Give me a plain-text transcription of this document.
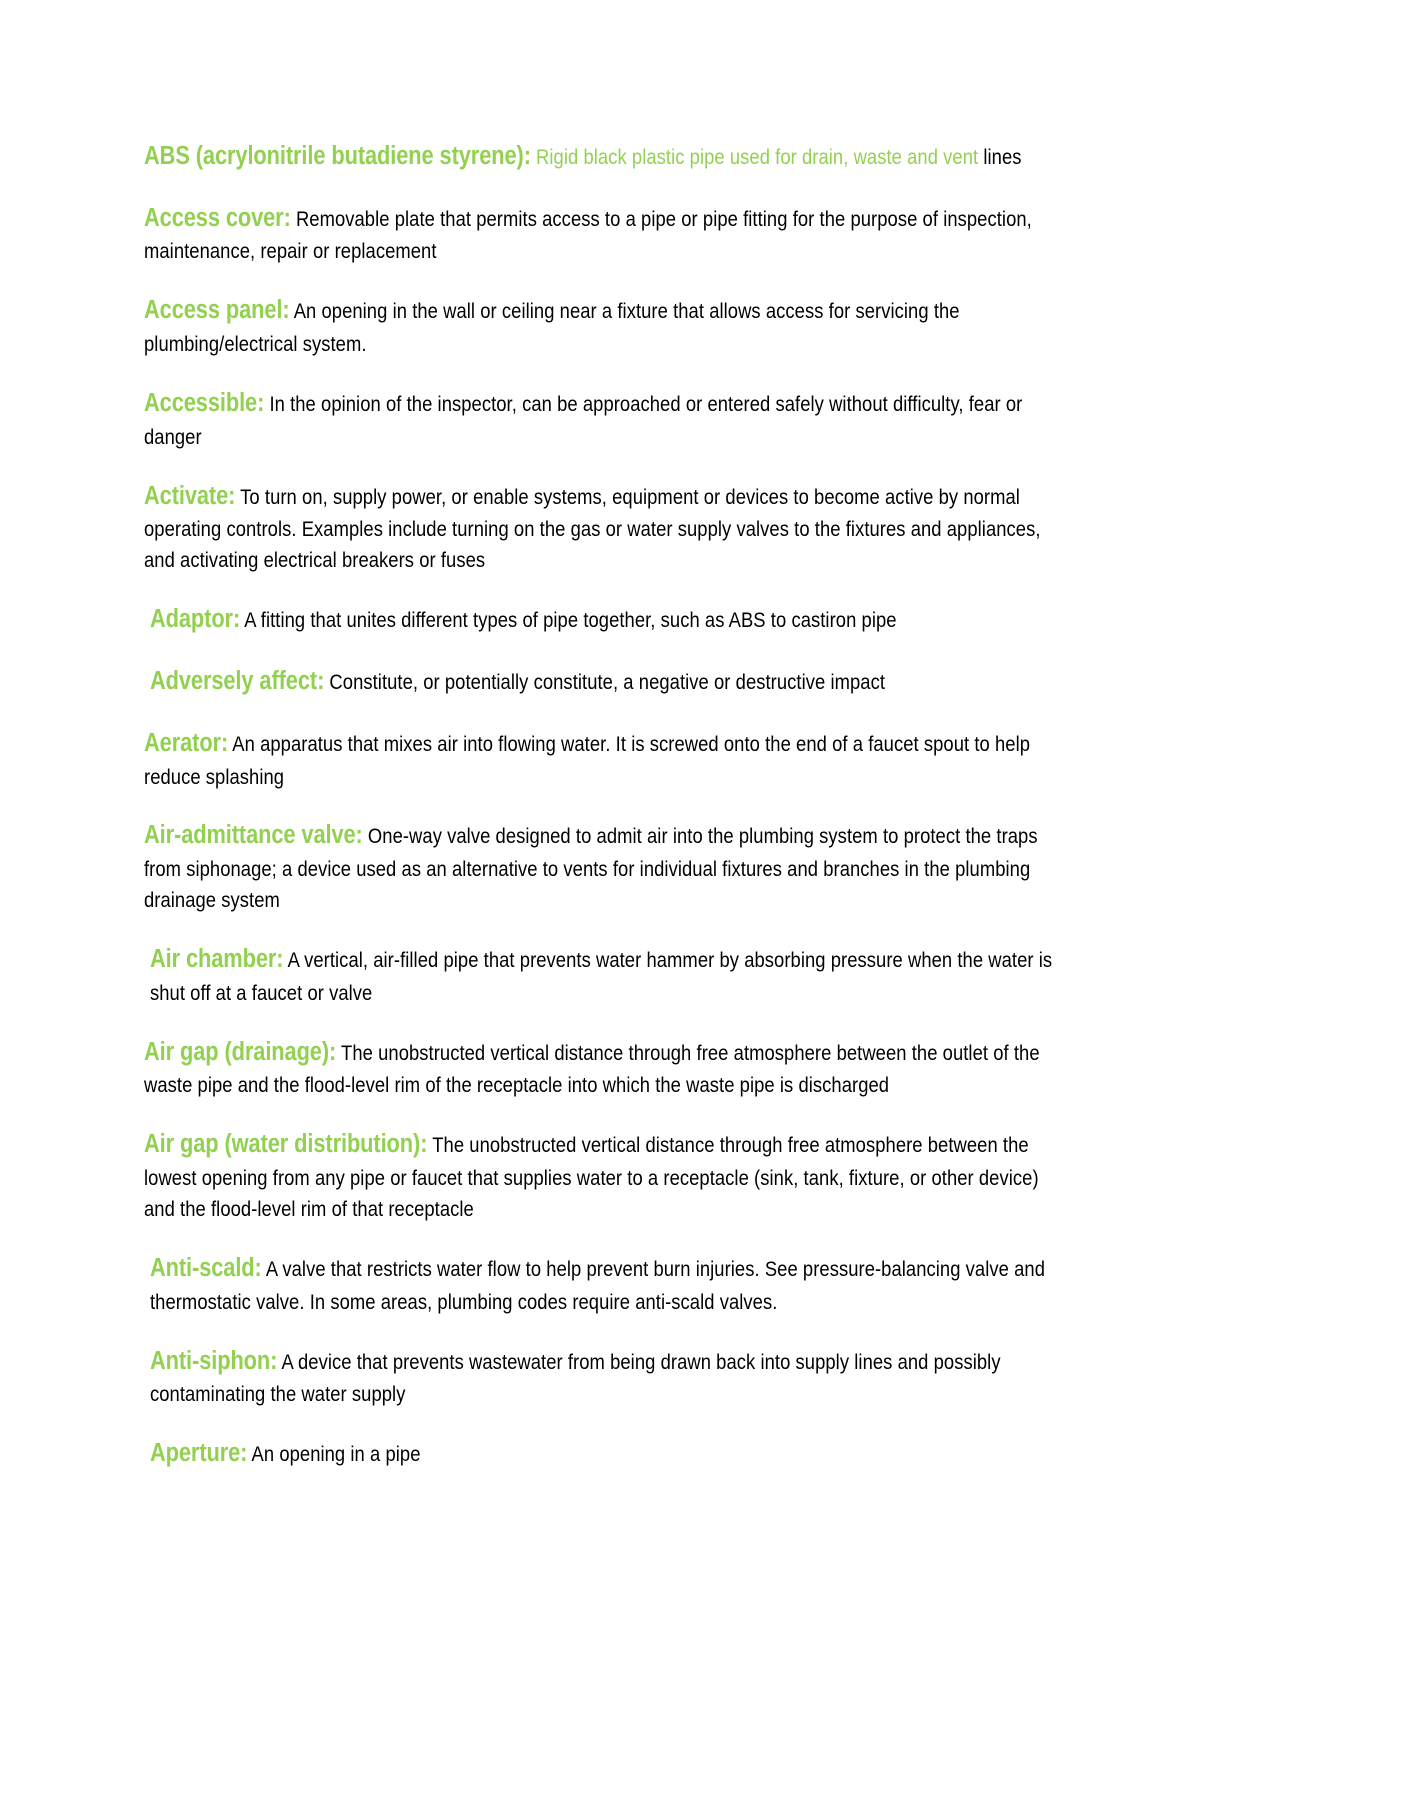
ABS (acrylonitrile butadiene styrene): Rigid black plastic pipe used for drain, waste and vent lines

Access cover: Removable plate that permits access to a pipe or pipe fitting for the purpose of inspection, maintenance, repair or replacement

Access panel: An opening in the wall or ceiling near a fixture that allows access for servicing the plumbing/electrical system.

Accessible: In the opinion of the inspector, can be approached or entered safely without difficulty, fear or danger

Activate: To turn on, supply power, or enable systems, equipment or devices to become active by normal operating controls. Examples include turning on the gas or water supply valves to the fixtures and appliances, and activating electrical breakers or fuses

Adaptor: A fitting that unites different types of pipe together, such as ABS to castiron pipe

Adversely affect: Constitute, or potentially constitute, a negative or destructive impact

Aerator: An apparatus that mixes air into flowing water. It is screwed onto the end of a faucet spout to help reduce splashing

Air-admittance valve: One-way valve designed to admit air into the plumbing system to protect the traps from siphonage; a device used as an alternative to vents for individual fixtures and branches in the plumbing drainage system

Air chamber: A vertical, air-filled pipe that prevents water hammer by absorbing pressure when the water is shut off at a faucet or valve

Air gap (drainage): The unobstructed vertical distance through free atmosphere between the outlet of the waste pipe and the flood-level rim of the receptacle into which the waste pipe is discharged

Air gap (water distribution): The unobstructed vertical distance through free atmosphere between the lowest opening from any pipe or faucet that supplies water to a receptacle (sink, tank, fixture, or other device) and the flood-level rim of that receptacle

Anti-scald: A valve that restricts water flow to help prevent burn injuries. See pressure-balancing valve and thermostatic valve. In some areas, plumbing codes require anti-scald valves.

Anti-siphon: A device that prevents wastewater from being drawn back into supply lines and possibly contaminating the water supply

Aperture: An opening in a pipe
